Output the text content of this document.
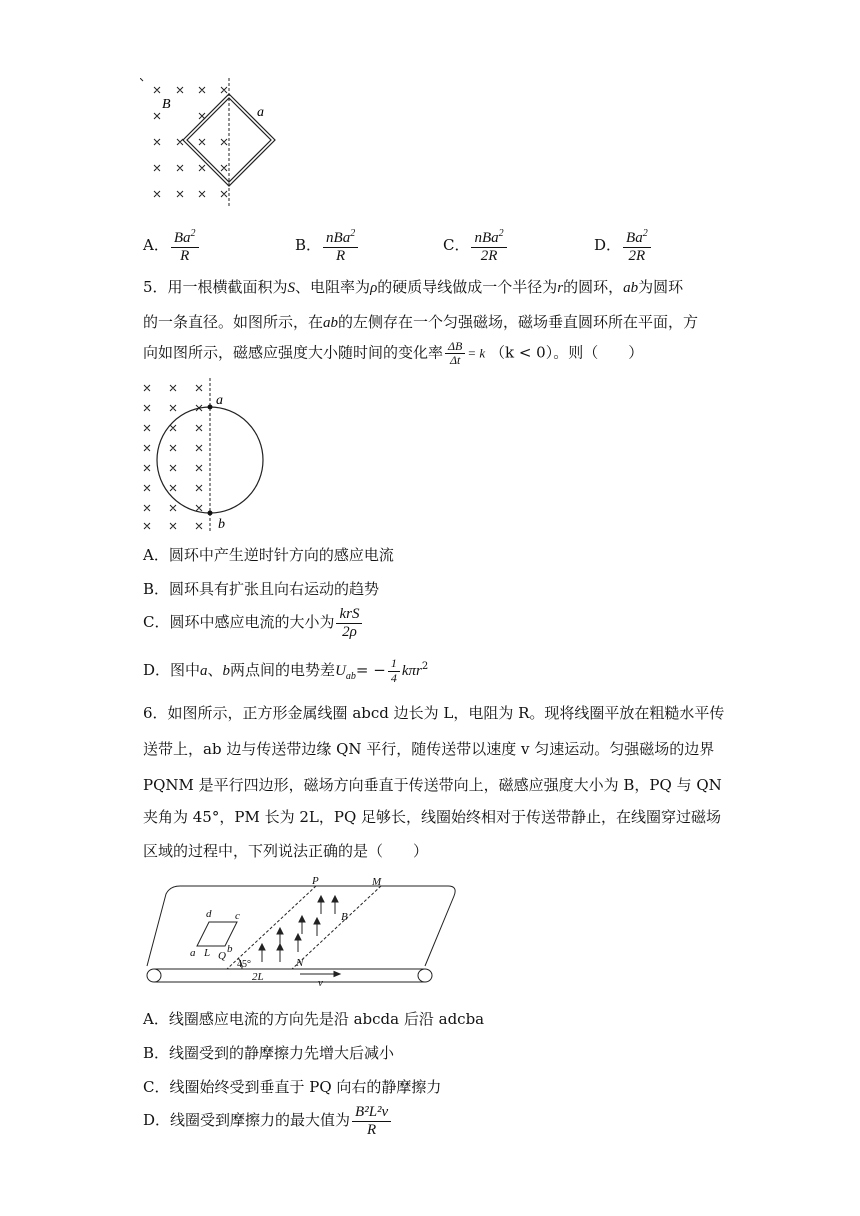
B
a
A． $\frac{Ba^2}{R}$	B． $\frac{nBa^2}{R}$	C． $\frac{nBa^2}{2R}$	D． $\frac{Ba^2}{2R}$
5．用一根横截面积为S、电阻率为ρ的硬质导线做成一个半径为r的圆环，ab为圆环
的一条直径。如图所示，在ab的左侧存在一个匀强磁场，磁场垂直圆环所在平面，方
向如图所示，磁感应强度大小随时间的变化率 $\frac{\Delta B}{\Delta t} = k$ （k < 0）。则（　　）
a
b
A．圆环中产生逆时针方向的感应电流
B．圆环具有扩张且向右运动的趋势
C．圆环中感应电流的大小为 $\frac{\text{krS}}{2\rho}$
D．图中a、b两点间的电势差$U_{ab}= - \frac{1}{4} k\pi r^2$
6．如图所示，正方形金属线圈 abcd 边长为 L，电阻为 R。现将线圈平放在粗糙水平传
送带上，ab 边与传送带边缘 QN 平行，随传送带以速度 v 匀速运动。匀强磁场的边界
PQNM 是平行四边形，磁场方向垂直于传送带向上，磁感应强度大小为 B，PQ 与 QN
夹角为 45°，PM 长为 2L，PQ 足够长，线圈始终相对于传送带静止，在线圈穿过磁场
区域的过程中，下列说法正确的是（　　）
P	M
B
d c
a L Q
b
N
45°
2L	v
A．线圈感应电流的方向先是沿 abcda 后沿 adcba
B．线圈受到的静摩擦力先增大后减小
C．线圈始终受到垂直于 PQ 向右的静摩擦力
D．线圈受到摩擦力的最大值为 $\frac{\text{B²L²v}}{R}$
